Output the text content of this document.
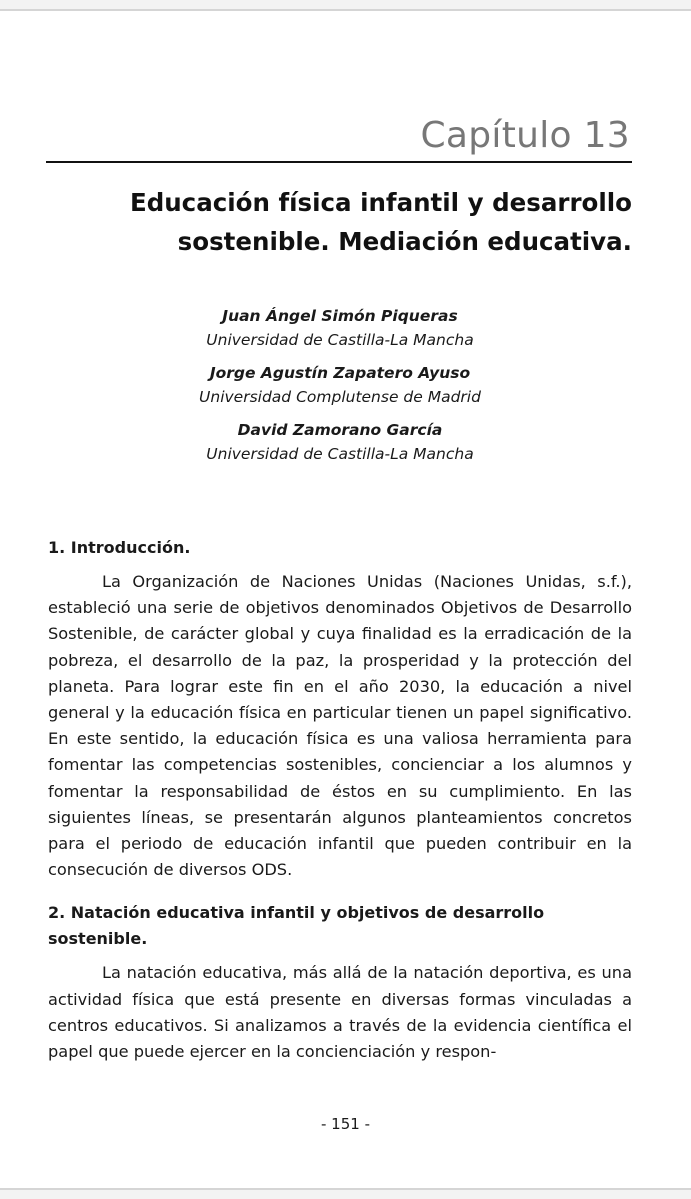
Capítulo 13
Educación física infantil y desarrollo
sostenible. Mediación educativa.
Juan Ángel Simón Piqueras
Universidad de Castilla-La Mancha
Jorge Agustín Zapatero Ayuso
Universidad Complutense de Madrid
David Zamorano García
Universidad de Castilla-La Mancha
1. Introducción.

La Organización de Naciones Unidas (Naciones Unidas, s.f.), estableció una serie de objetivos denominados Objetivos de Desarrollo Sostenible, de carácter global y cuya finalidad es la erradicación de la pobreza, el desarrollo de la paz, la prosperidad y la protección del planeta. Para lograr este fin en el año 2030, la educación a nivel general y la educación física en particular tienen un papel significativo. En este sentido, la educación física es una valiosa herramienta para fomentar las competencias sostenibles, concienciar a los alumnos y fomentar la responsabilidad de éstos en su cumplimiento. En las siguientes líneas, se presentarán algunos planteamientos concretos para el periodo de educación infantil que pueden contribuir en la consecución de diversos ODS.

2. Natación educativa infantil y objetivos de desarrollo sostenible.

La natación educativa, más allá de la natación deportiva, es una actividad física que está presente en diversas formas vinculadas a centros educativos. Si analizamos a través de la evidencia científica el papel que puede ejercer en la concienciación y respon-

- 151 -
